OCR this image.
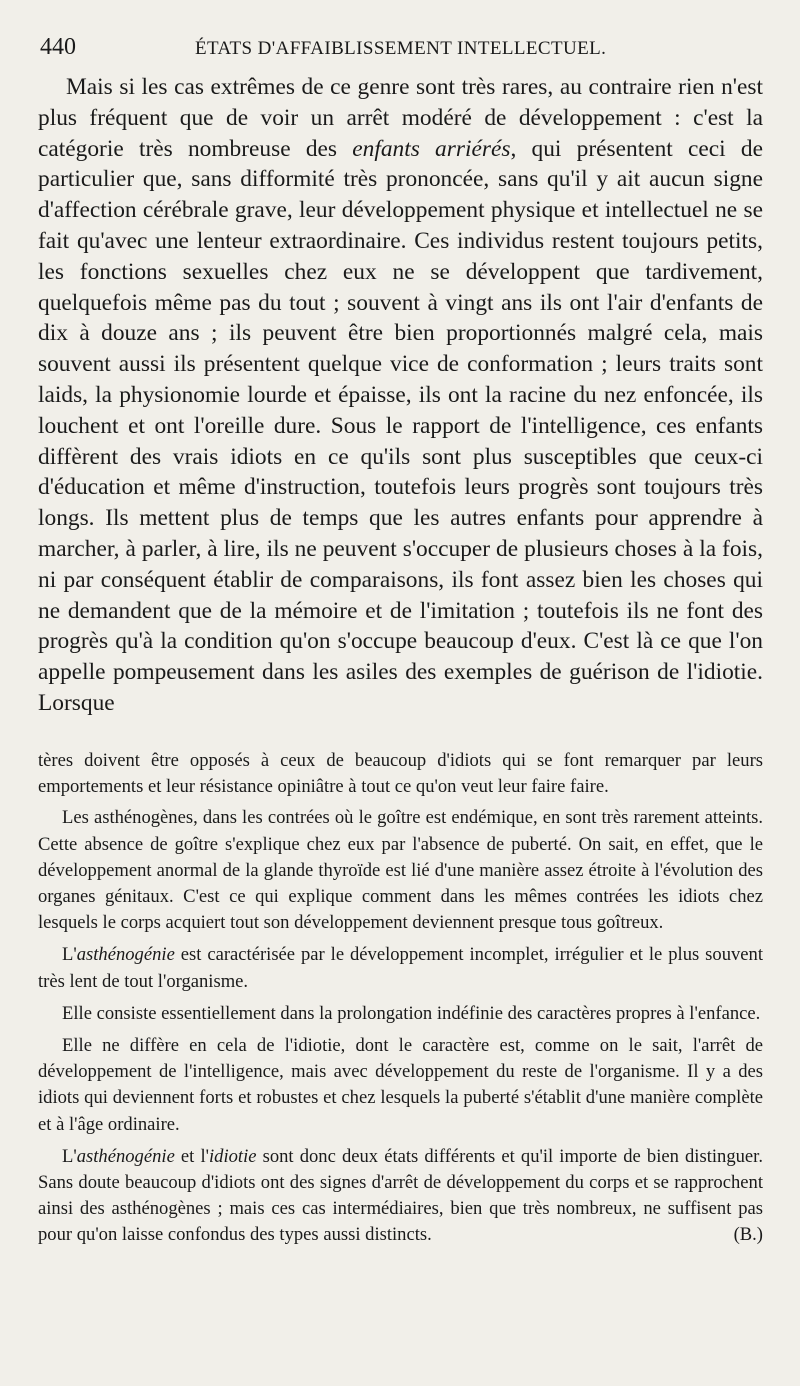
440	ÉTATS D'AFFAIBLISSEMENT INTELLECTUEL.

Mais si les cas extrêmes de ce genre sont très rares, au contraire rien n'est plus fréquent que de voir un arrêt modéré de développement : c'est la catégorie très nombreuse des enfants arriérés, qui présentent ceci de particulier que, sans difformité très prononcée, sans qu'il y ait aucun signe d'affection cérébrale grave, leur développement physique et intellectuel ne se fait qu'avec une lenteur extraordinaire. Ces individus restent toujours petits, les fonctions sexuelles chez eux ne se développent que tardivement, quelquefois même pas du tout ; souvent à vingt ans ils ont l'air d'enfants de dix à douze ans ; ils peuvent être bien proportionnés malgré cela, mais souvent aussi ils présentent quelque vice de conformation ; leurs traits sont laids, la physionomie lourde et épaisse, ils ont la racine du nez enfoncée, ils louchent et ont l'oreille dure. Sous le rapport de l'intelligence, ces enfants diffèrent des vrais idiots en ce qu'ils sont plus susceptibles que ceux-ci d'éducation et même d'instruction, toutefois leurs progrès sont toujours très longs. Ils mettent plus de temps que les autres enfants pour apprendre à marcher, à parler, à lire, ils ne peuvent s'occuper de plusieurs choses à la fois, ni par conséquent établir de comparaisons, ils font assez bien les choses qui ne demandent que de la mémoire et de l'imitation ; toutefois ils ne font des progrès qu'à la condition qu'on s'occupe beaucoup d'eux. C'est là ce que l'on appelle pompeusement dans les asiles des exemples de guérison de l'idiotie. Lorsque

tères doivent être opposés à ceux de beaucoup d'idiots qui se font remarquer par leurs emportements et leur résistance opiniâtre à tout ce qu'on veut leur faire faire.

Les asthénogènes, dans les contrées où le goître est endémique, en sont très rarement atteints. Cette absence de goître s'explique chez eux par l'absence de puberté. On sait, en effet, que le développement anormal de la glande thyroïde est lié d'une manière assez étroite à l'évolution des organes génitaux. C'est ce qui explique comment dans les mêmes contrées les idiots chez lesquels le corps acquiert tout son développement deviennent presque tous goîtreux.

L'asthénogénie est caractérisée par le développement incomplet, irrégulier et le plus souvent très lent de tout l'organisme.

Elle consiste essentiellement dans la prolongation indéfinie des caractères propres à l'enfance.

Elle ne diffère en cela de l'idiotie, dont le caractère est, comme on le sait, l'arrêt de développement de l'intelligence, mais avec développement du reste de l'organisme. Il y a des idiots qui deviennent forts et robustes et chez lesquels la puberté s'établit d'une manière complète et à l'âge ordinaire.

L'asthénogénie et l'idiotie sont donc deux états différents et qu'il importe de bien distinguer. Sans doute beaucoup d'idiots ont des signes d'arrêt de développement du corps et se rapprochent ainsi des asthénogènes ; mais ces cas intermédiaires, bien que très nombreux, ne suffisent pas pour qu'on laisse confondus des types aussi distincts.	(B.)
